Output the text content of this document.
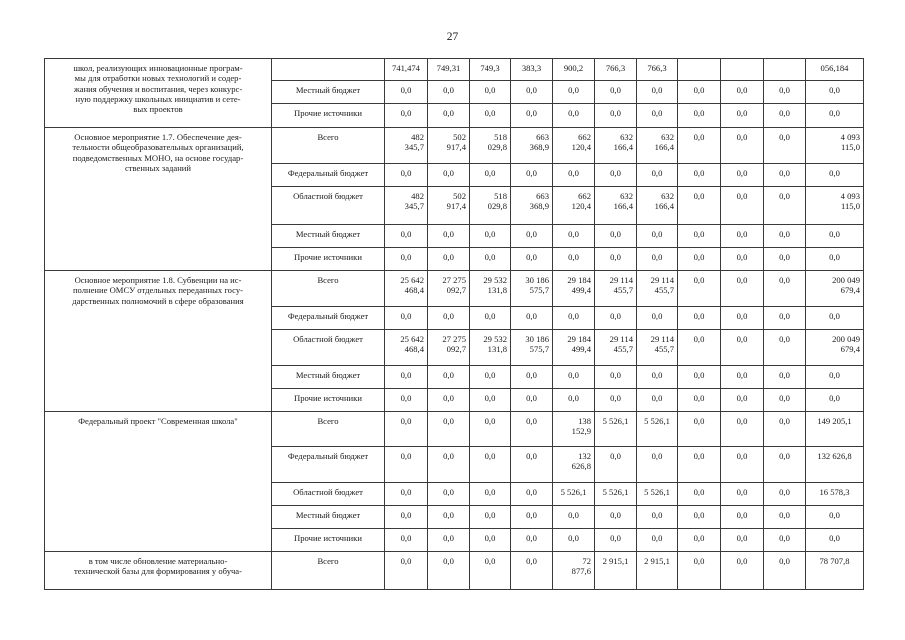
27
школ, реализующих инновационные програм-
мы для отработки новых технологий и содер-
жания обучения и воспитания, через конкурс-
ную поддержку школьных инициатив и сете-
вых проектов		741,474	749,31	749,3	383,3	900,2	766,3	766,3				056,184
	Местный бюджет	0,0	0,0	0,0	0,0	0,0	0,0	0,0	0,0	0,0	0,0	0,0
	Прочие источники	0,0	0,0	0,0	0,0	0,0	0,0	0,0	0,0	0,0	0,0	0,0
Основное мероприятие 1.7. Обеспечение дея-
тельности общеобразовательных организаций,
подведомственных МОНО, на основе государ-
ственных заданий	Всего	482
345,7	502
917,4	518
029,8	663
368,9	662
120,4	632
166,4	632
166,4	0,0	0,0	0,0	4 093
115,0
	Федеральный бюджет	0,0	0,0	0,0	0,0	0,0	0,0	0,0	0,0	0,0	0,0	0,0
	Областной бюджет	482
345,7	502
917,4	518
029,8	663
368,9	662
120,4	632
166,4	632
166,4	0,0	0,0	0,0	4 093
115,0
	Местный бюджет	0,0	0,0	0,0	0,0	0,0	0,0	0,0	0,0	0,0	0,0	0,0
	Прочие источники	0,0	0,0	0,0	0,0	0,0	0,0	0,0	0,0	0,0	0,0	0,0
Основное мероприятие 1.8. Субвенции на ис-
полнение ОМСУ отдельных переданных госу-
дарственных полномочий в сфере образования	Всего	25 642
468,4	27 275
092,7	29 532
131,8	30 186
575,7	29 184
499,4	29 114
455,7	29 114
455,7	0,0	0,0	0,0	200 049
679,4
	Федеральный бюджет	0,0	0,0	0,0	0,0	0,0	0,0	0,0	0,0	0,0	0,0	0,0
	Областной бюджет	25 642
468,4	27 275
092,7	29 532
131,8	30 186
575,7	29 184
499,4	29 114
455,7	29 114
455,7	0,0	0,0	0,0	200 049
679,4
	Местный бюджет	0,0	0,0	0,0	0,0	0,0	0,0	0,0	0,0	0,0	0,0	0,0
	Прочие источники	0,0	0,0	0,0	0,0	0,0	0,0	0,0	0,0	0,0	0,0	0,0
Федеральный проект "Современная школа"	Всего	0,0	0,0	0,0	0,0	138
152,9	5 526,1	5 526,1	0,0	0,0	0,0	149 205,1
	Федеральный бюджет	0,0	0,0	0,0	0,0	132
626,8	0,0	0,0	0,0	0,0	0,0	132 626,8
	Областной бюджет	0,0	0,0	0,0	0,0	5 526,1	5 526,1	5 526,1	0,0	0,0	0,0	16 578,3
	Местный бюджет	0,0	0,0	0,0	0,0	0,0	0,0	0,0	0,0	0,0	0,0	0,0
	Прочие источники	0,0	0,0	0,0	0,0	0,0	0,0	0,0	0,0	0,0	0,0	0,0
в том числе обновление материально-
технической базы для формирования у обуча-	Всего	0,0	0,0	0,0	0,0	72
877,6	2 915,1	2 915,1	0,0	0,0	0,0	78 707,8
